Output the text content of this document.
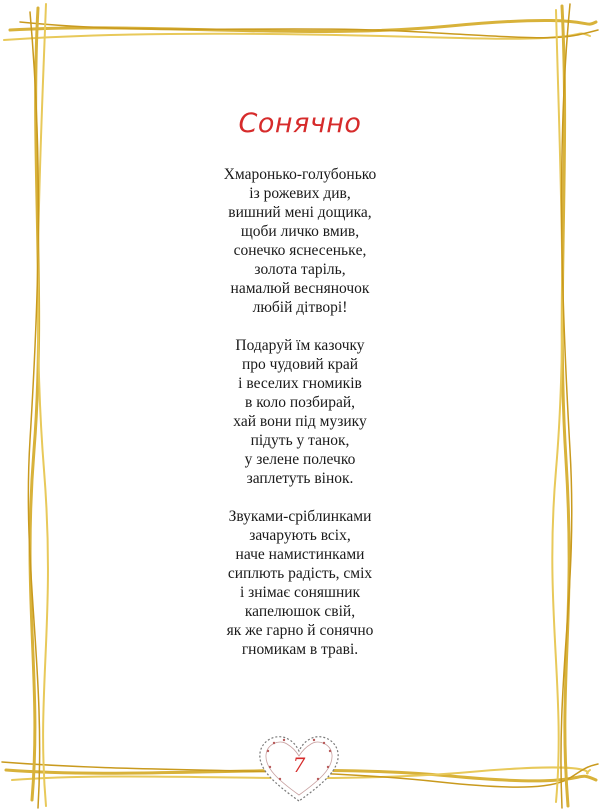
Сонячно
Хмаронько-голубонько
із рожевих див,
вишний мені дощика,
щоби личко вмив,
сонечко яснесенькe,
золота таріль,
намалюй весняночок
любій дітворі!
Подаруй їм казочку
про чудовий край
і веселих гномиків
в коло позбирай,
хай вони під музику
підуть у танок,
у зелене полечко
заплетуть вінок.
Звуками-сріблинками
зачарують всіх,
наче намистинками
сиплють радість, сміх
і знімає соняшник
капелюшок свій,
як же гарно й сонячно
гномикам в траві.
7
